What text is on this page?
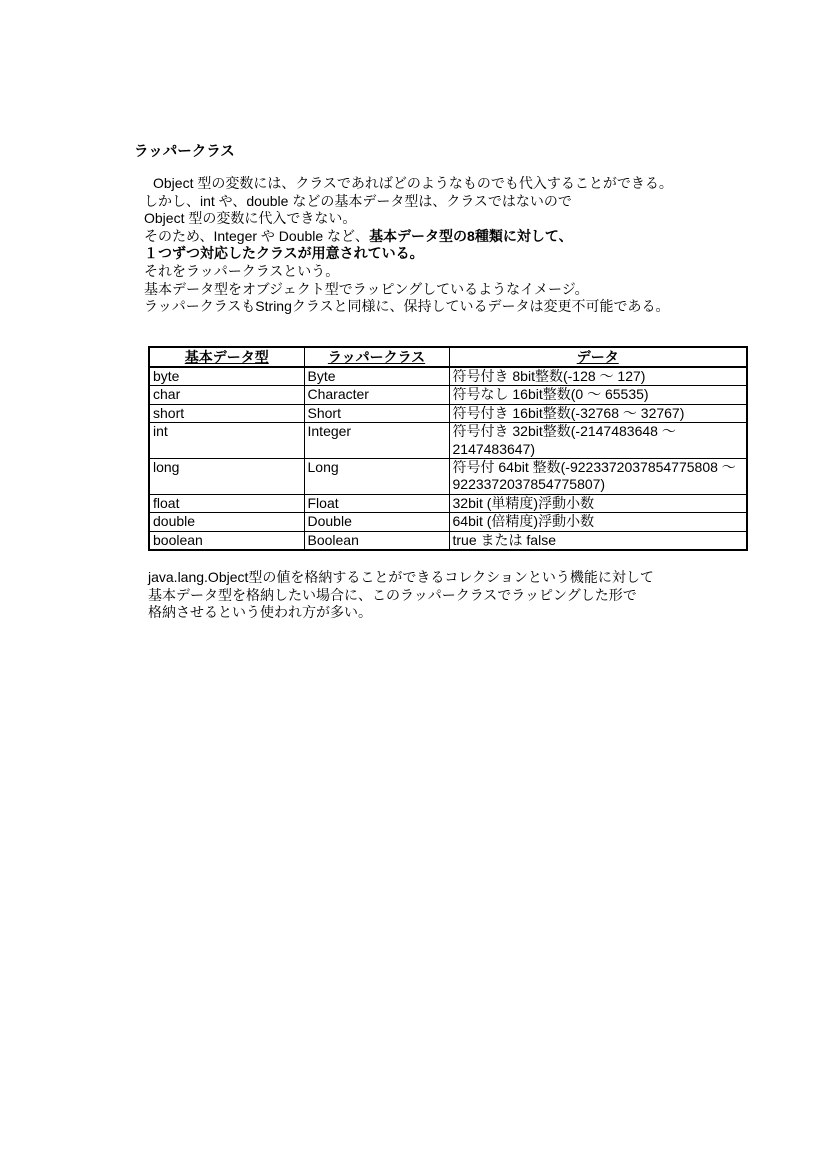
ラッパークラス
Object 型の変数には、クラスであればどのようなものでも代入することができる。
しかし、int や、double などの基本データ型は、クラスではないので
Object 型の変数に代入できない。
そのため、Integer や Double など、基本データ型の8種類に対して、
１つずつ対応したクラスが用意されている。
それをラッパークラスという。
基本データ型をオブジェクト型でラッピングしているようなイメージ。
ラッパークラスもStringクラスと同様に、保持しているデータは変更不可能である。
基本データ型	ラッパークラス	データ
byte	Byte	符号付き 8bit整数(-128 ～ 127)
char	Character	符号なし 16bit整数(0 ～ 65535)
short	Short	符号付き 16bit整数(-32768 ～ 32767)
int	Integer	符号付き 32bit整数(-2147483648 ～ 2147483647)
long	Long	符号付 64bit 整数(-9223372037854775808 ～ 9223372037854775807)
float	Float	32bit (単精度)浮動小数
double	Double	64bit (倍精度)浮動小数
boolean	Boolean	true または false
java.lang.Object型の値を格納することができるコレクションという機能に対して
基本データ型を格納したい場合に、このラッパークラスでラッピングした形で
格納させるという使われ方が多い。
